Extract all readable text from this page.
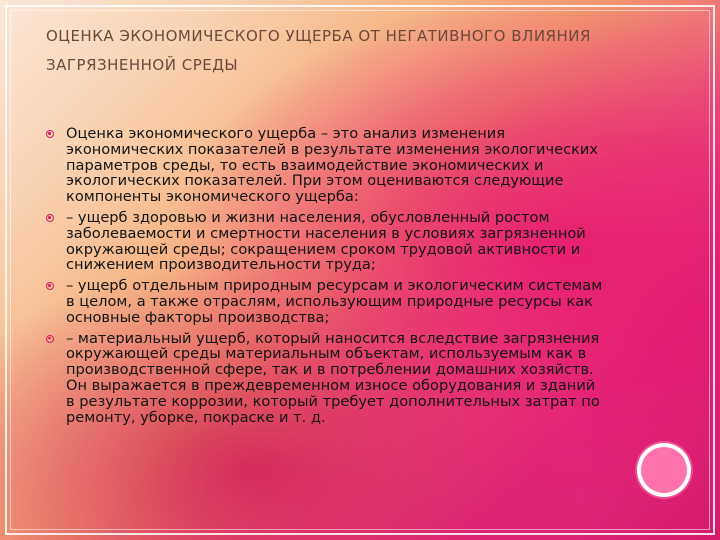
ОЦЕНКА ЭКОНОМИЧЕСКОГО УЩЕРБА ОТ НЕГАТИВНОГО ВЛИЯНИЯ ЗАГРЯЗНЕННОЙ СРЕДЫ
Оценка экономического ущерба – это анализ изменения экономических показателей в результате изменения экологических параметров среды, то есть взаимодействие экономических и экологических показателей. При этом оцениваются следующие компоненты экономического ущерба:
– ущерб здоровью и жизни населения, обусловленный ростом заболеваемости и смертности населения в условиях загрязненной окружающей среды; сокращением сроком трудовой активности и снижением производительности труда;
– ущерб отдельным природным ресурсам и экологическим системам в целом, а также отраслям, использующим природные ресурсы как основные факторы производства;
– материальный ущерб, который наносится вследствие загрязнения окружающей среды материальным объектам, используемым как в производственной сфере, так и в потреблении домашних хозяйств. Он выражается в преждевременном износе оборудования и зданий в результате коррозии, который требует дополнительных затрат по ремонту, уборке, покраске и т. д.
